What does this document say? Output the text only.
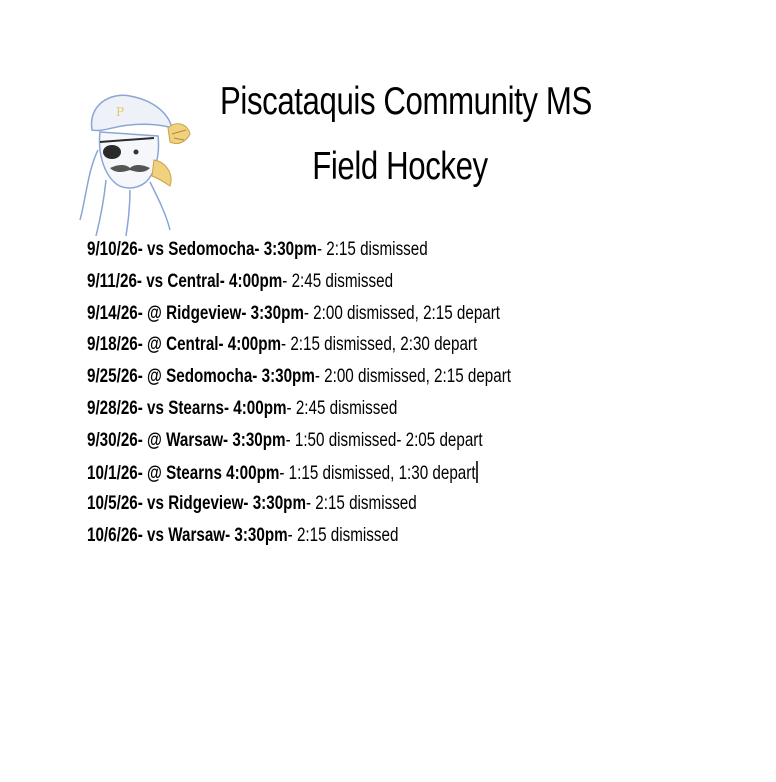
P Piscataquis Community MS
Field Hockey
9/10/26- vs Sedomocha- 3:30pm- 2:15 dismissed
9/11/26- vs Central- 4:00pm- 2:45 dismissed
9/14/26- @ Ridgeview- 3:30pm- 2:00 dismissed, 2:15 depart
9/18/26- @ Central- 4:00pm- 2:15 dismissed, 2:30 depart
9/25/26- @ Sedomocha- 3:30pm- 2:00 dismissed, 2:15 depart
9/28/26- vs Stearns- 4:00pm- 2:45 dismissed
9/30/26- @ Warsaw- 3:30pm- 1:50 dismissed- 2:05 depart
10/1/26- @ Stearns 4:00pm- 1:15 dismissed, 1:30 depart
10/5/26- vs Ridgeview- 3:30pm- 2:15 dismissed
10/6/26- vs Warsaw- 3:30pm- 2:15 dismissed
